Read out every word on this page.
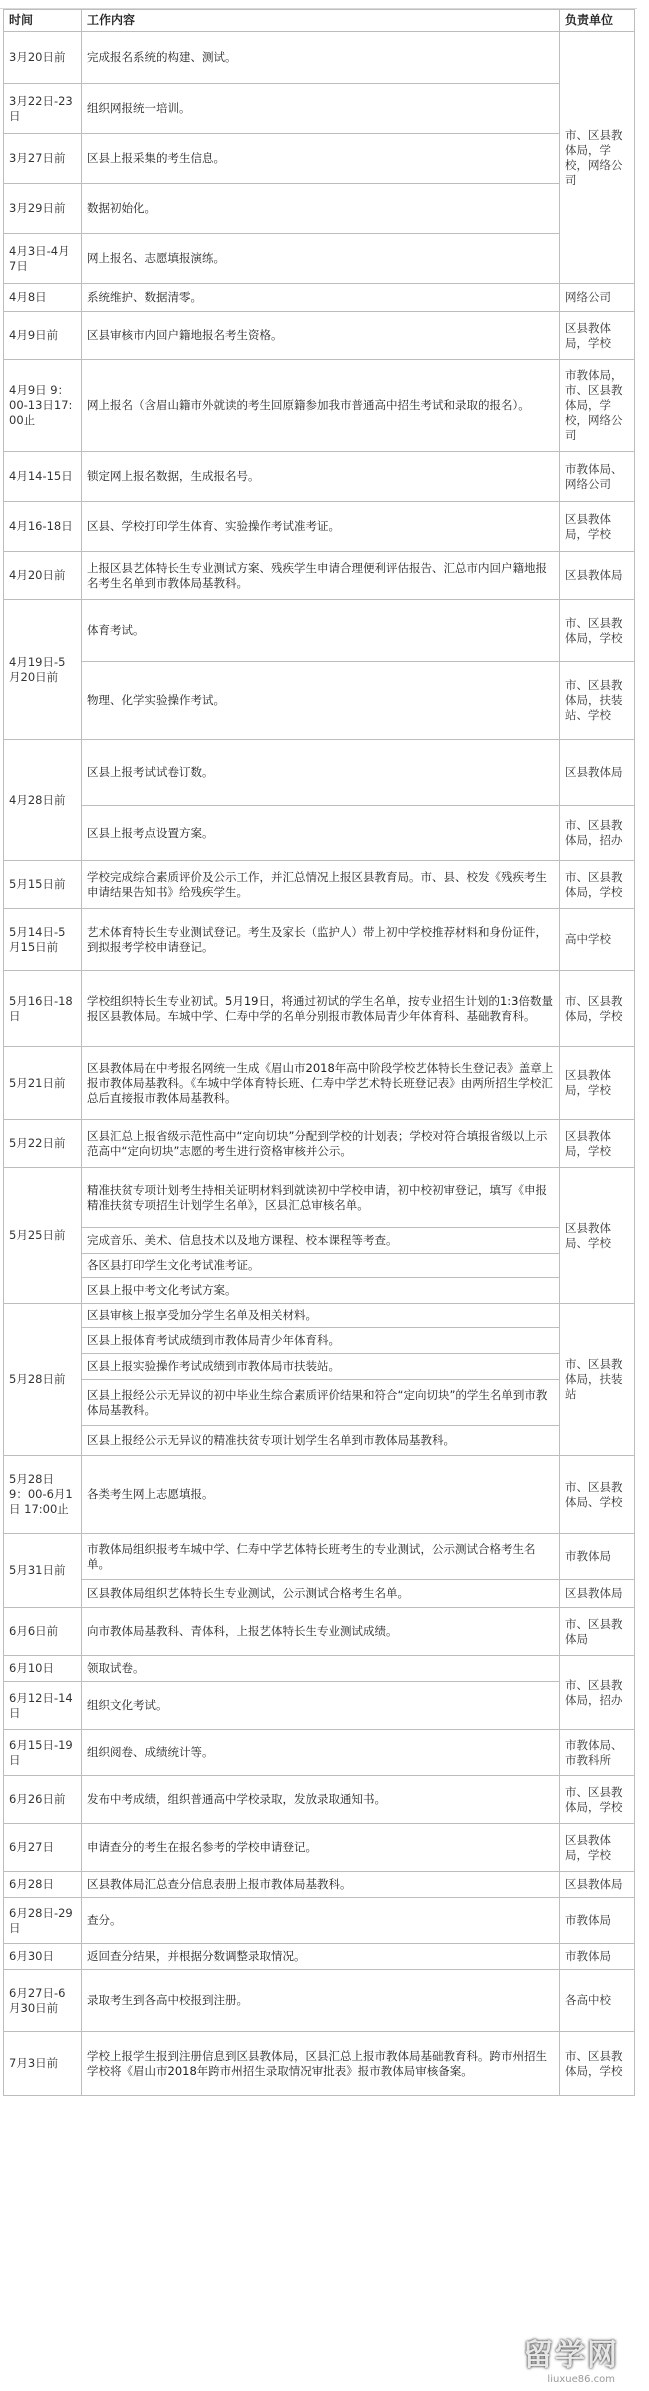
时间	工作内容	负责单位
3月20日前	完成报名系统的构建、测试。	市、区县教体局，学校，网络公司
3月22日-23日	组织网报统一培训。	
3月27日前	区县上报采集的考生信息。	
3月29日前	数据初始化。	
4月3日-4月7日	网上报名、志愿填报演练。	
4月8日	系统维护、数据清零。	网络公司
4月9日前	区县审核市内回户籍地报名考生资格。	区县教体局，学校
4月9日 9：00-13日17:00止	网上报名（含眉山籍市外就读的考生回原籍参加我市普通高中招生考试和录取的报名）。	市教体局，市、区县教体局，学校，网络公司
4月14-15日	锁定网上报名数据，生成报名号。	市教体局、网络公司
4月16-18日	区县、学校打印学生体育、实验操作考试准考证。	区县教体局，学校
4月20日前	上报区县艺体特长生专业测试方案、残疾学生申请合理便利评估报告、汇总市内回户籍地报名考生名单到市教体局基教科。	区县教体局
4月19日-5月20日前	体育考试。	市、区县教体局，学校
	物理、化学实验操作考试。	市、区县教体局，扶装站、学校
4月28日前	区县上报考试试卷订数。	区县教体局
	区县上报考点设置方案。	市、区县教体局，招办
5月15日前	学校完成综合素质评价及公示工作，并汇总情况上报区县教育局。市、县、校发《残疾考生申请结果告知书》给残疾学生。	市、区县教体局，学校
5月14日-5月15日前	艺术体育特长生专业测试登记。考生及家长（监护人）带上初中学校推荐材料和身份证件，到拟报考学校申请登记。	高中学校
5月16日-18日	学校组织特长生专业初试。5月19日，将通过初试的学生名单，按专业招生计划的1:3倍数量报区县教体局。车城中学、仁寿中学的名单分别报市教体局青少年体育科、基础教育科。	市、区县教体局，学校
5月21日前	区县教体局在中考报名网统一生成《眉山市2018年高中阶段学校艺体特长生登记表》盖章上报市教体局基教科。《车城中学体育特长班、仁寿中学艺术特长班登记表》由两所招生学校汇总后直接报市教体局基教科。	区县教体局，学校
5月22日前	区县汇总上报省级示范性高中“定向切块”分配到学校的计划表；学校对符合填报省级以上示范高中“定向切块”志愿的考生进行资格审核并公示。	区县教体局，学校
5月25日前	精准扶贫专项计划考生持相关证明材料到就读初中学校申请，初中校初审登记，填写《申报精准扶贫专项招生计划学生名单》，区县汇总审核名单。	区县教体局、学校
	完成音乐、美术、信息技术以及地方课程、校本课程等考查。	
	各区县打印学生文化考试准考证。	
	区县上报中考文化考试方案。	
5月28日前	区县审核上报享受加分学生名单及相关材料。	市、区县教体局，扶装站
	区县上报体育考试成绩到市教体局青少年体育科。	
	区县上报实验操作考试成绩到市教体局市扶装站。	
	区县上报经公示无异议的初中毕业生综合素质评价结果和符合“定向切块”的学生名单到市教体局基教科。	
	区县上报经公示无异议的精准扶贫专项计划学生名单到市教体局基教科。	
5月28日 9：00-6月1日 17:00止	各类考生网上志愿填报。	市、区县教体局、学校
5月31日前	市教体局组织报考车城中学、仁寿中学艺体特长班考生的专业测试，公示测试合格考生名单。	市教体局
	区县教体局组织艺体特长生专业测试，公示测试合格考生名单。	区县教体局
6月6日前	向市教体局基教科、青体科，上报艺体特长生专业测试成绩。	市、区县教体局
6月10日	领取试卷。	市、区县教体局，招办
6月12日-14日	组织文化考试。	
6月15日-19日	组织阅卷、成绩统计等。	市教体局、市教科所
6月26日前	发布中考成绩，组织普通高中学校录取，发放录取通知书。	市、区县教体局，学校
6月27日	申请查分的考生在报名参考的学校申请登记。	区县教体局，学校
6月28日	区县教体局汇总查分信息表册上报市教体局基教科。	区县教体局
6月28日-29日	查分。	市教体局
6月30日	返回查分结果，并根据分数调整录取情况。	市教体局
6月27日-6月30日前	录取考生到各高中校报到注册。	各高中校
7月3日前	学校上报学生报到注册信息到区县教体局，区县汇总上报市教体局基础教育科。跨市州招生学校将《眉山市2018年跨市州招生录取情况审批表》报市教体局审核备案。	市、区县教体局，学校
留学网
liuxue86.com
